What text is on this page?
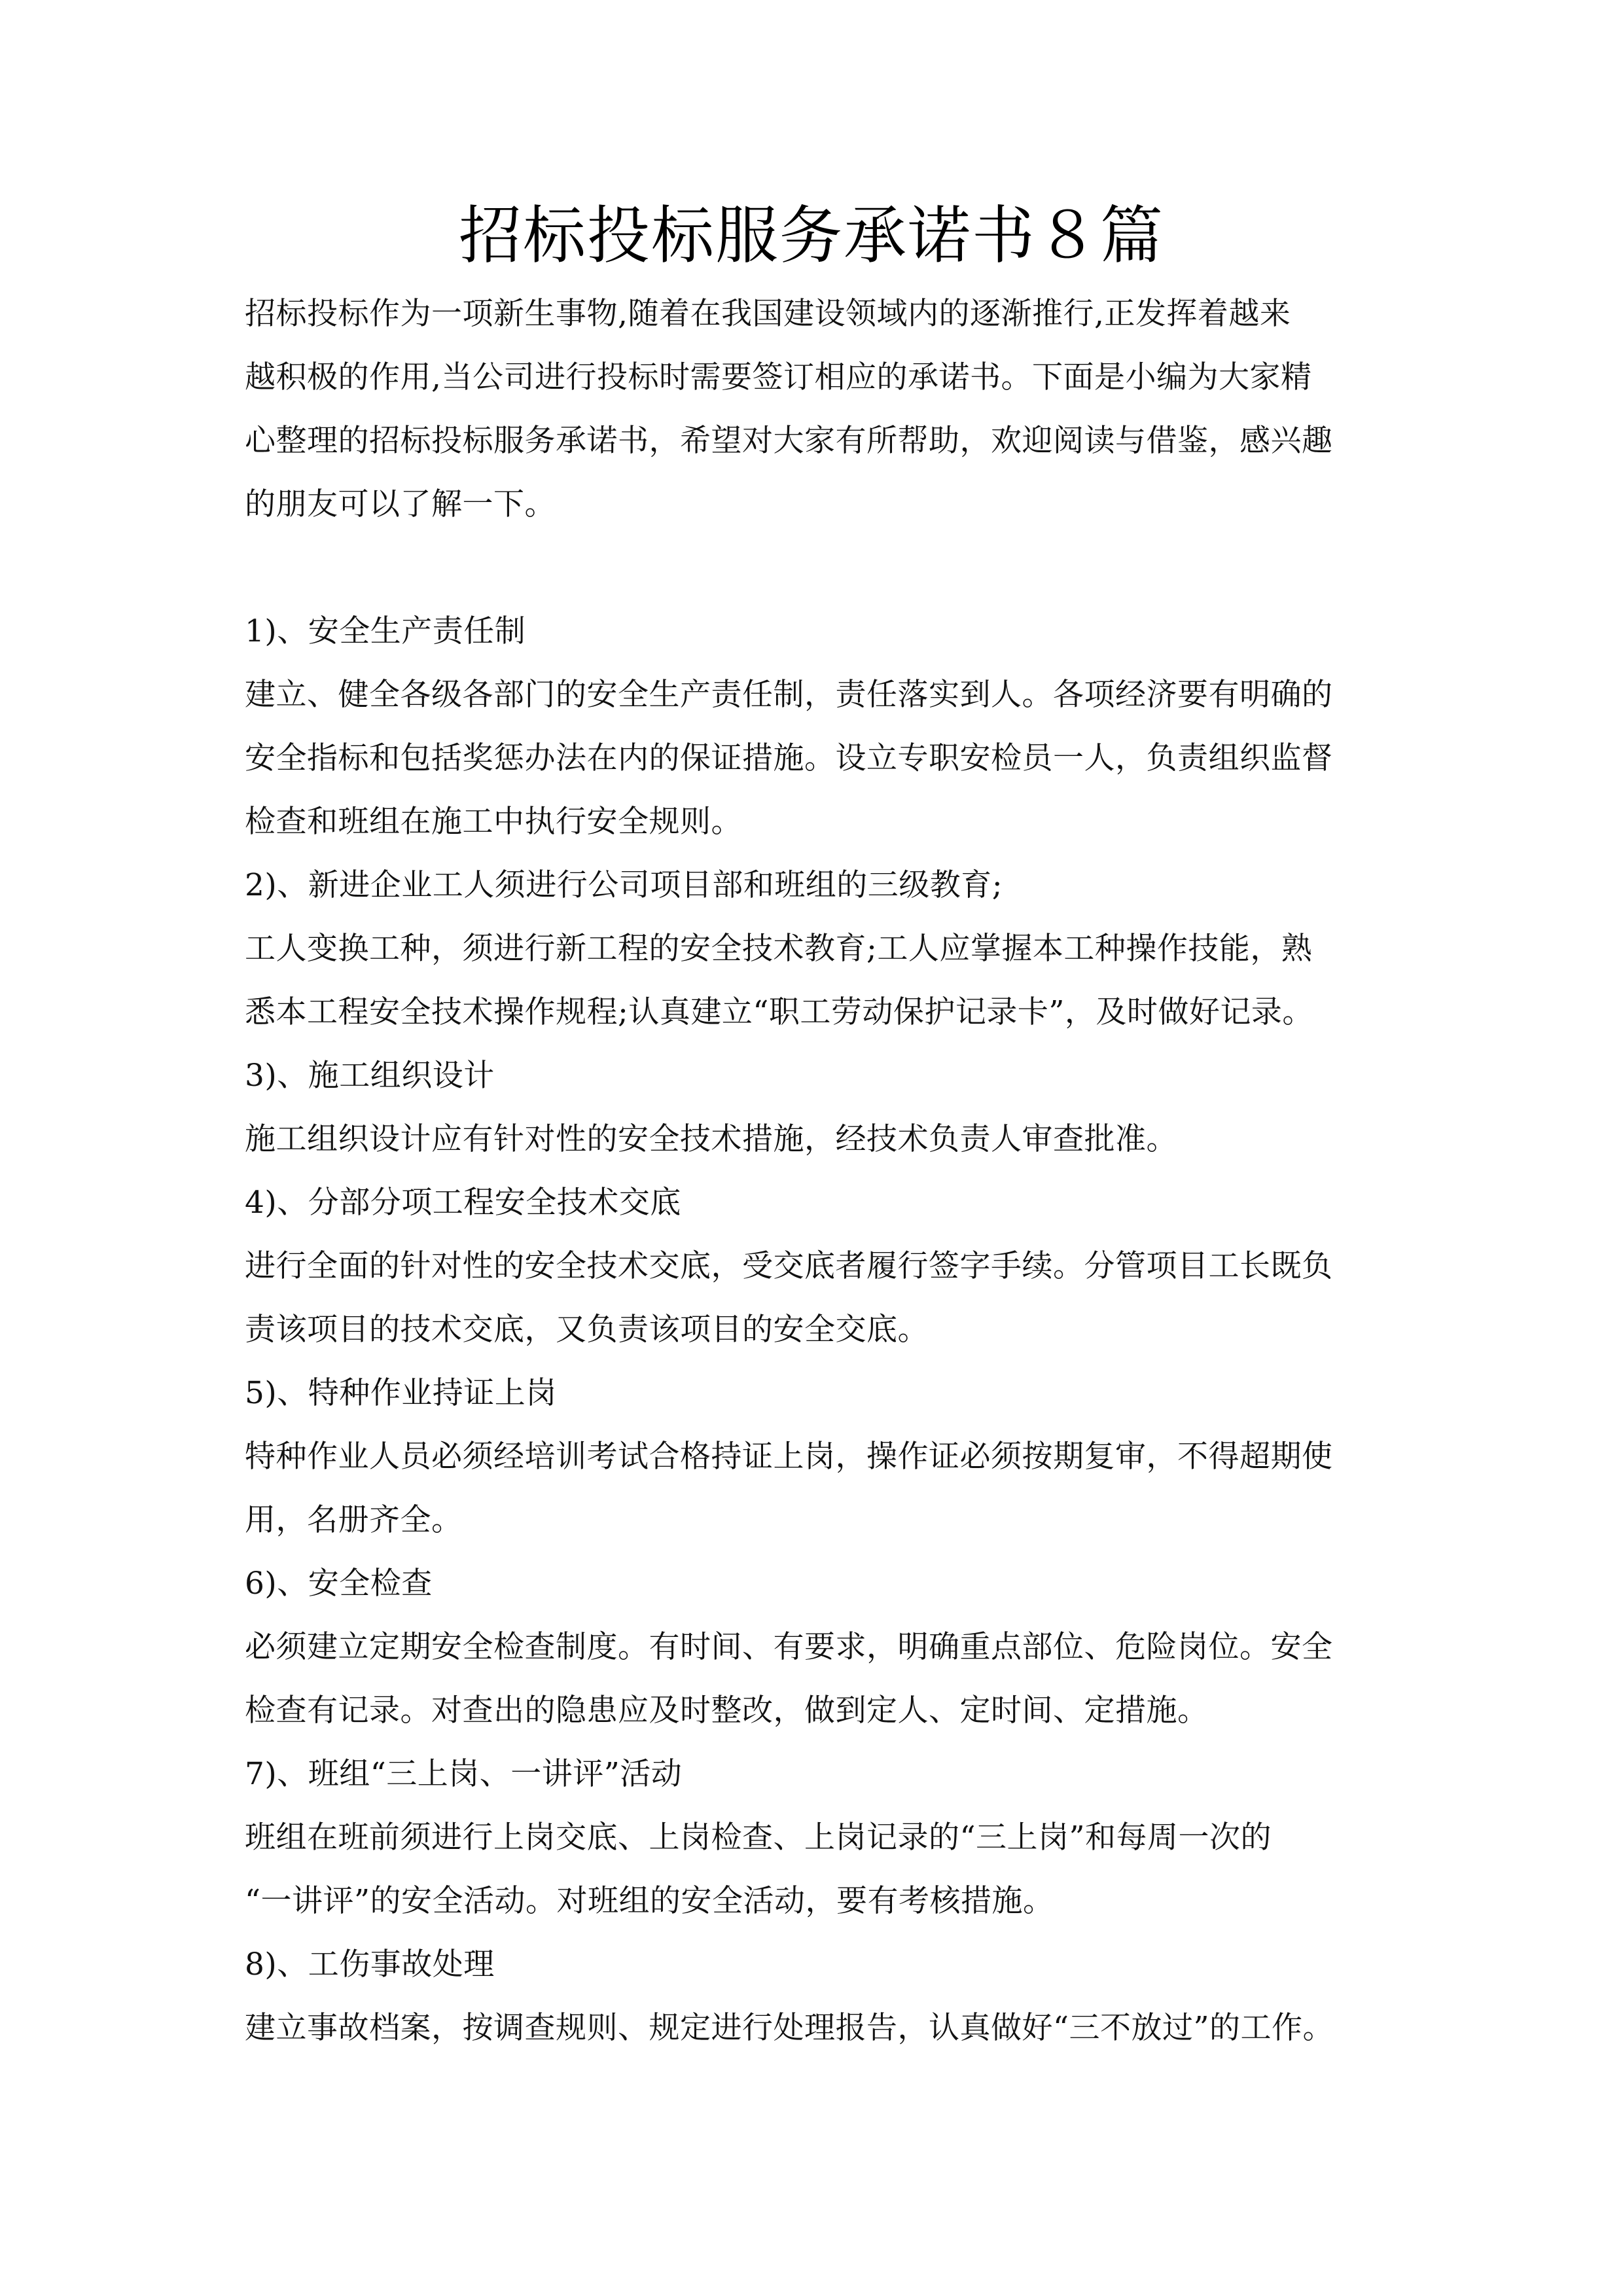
招标投标服务承诺书８篇
招标投标作为一项新生事物,随着在我国建设领域内的逐渐推行,正发挥着越来
越积极的作用,当公司进行投标时需要签订相应的承诺书。下面是小编为大家精
心整理的招标投标服务承诺书，希望对大家有所帮助，欢迎阅读与借鉴，感兴趣
的朋友可以了解一下。
1)、安全生产责任制
建立、健全各级各部门的安全生产责任制，责任落实到人。各项经济要有明确的
安全指标和包括奖惩办法在内的保证措施。设立专职安检员一人，负责组织监督
检查和班组在施工中执行安全规则。
2)、新进企业工人须进行公司项目部和班组的三级教育;
工人变换工种，须进行新工程的安全技术教育;工人应掌握本工种操作技能，熟
悉本工程安全技术操作规程;认真建立“职工劳动保护记录卡”，及时做好记录。
3)、施工组织设计
施工组织设计应有针对性的安全技术措施，经技术负责人审查批准。
4)、分部分项工程安全技术交底
进行全面的针对性的安全技术交底，受交底者履行签字手续。分管项目工长既负
责该项目的技术交底，又负责该项目的安全交底。
5)、特种作业持证上岗
特种作业人员必须经培训考试合格持证上岗，操作证必须按期复审，不得超期使
用，名册齐全。
6)、安全检查
必须建立定期安全检查制度。有时间、有要求，明确重点部位、危险岗位。安全
检查有记录。对查出的隐患应及时整改，做到定人、定时间、定措施。
7)、班组“三上岗、一讲评”活动
班组在班前须进行上岗交底、上岗检查、上岗记录的“三上岗”和每周一次的
“一讲评”的安全活动。对班组的安全活动，要有考核措施。
8)、工伤事故处理
建立事故档案，按调查规则、规定进行处理报告，认真做好“三不放过”的工作。
